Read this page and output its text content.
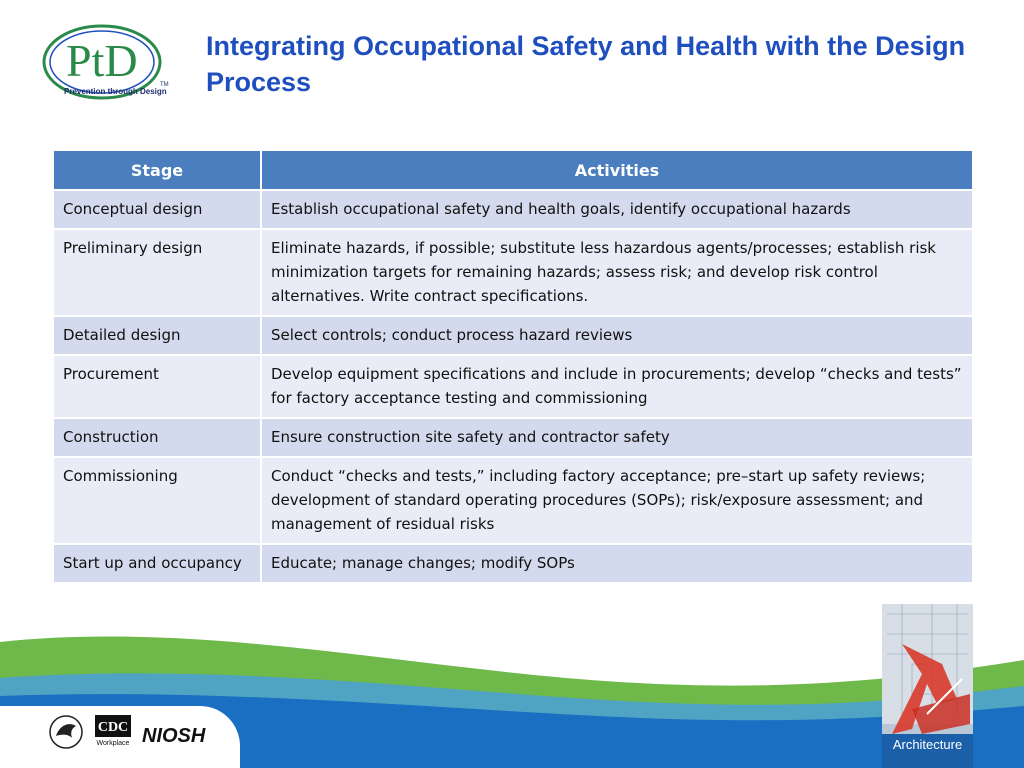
PtD
Prevention through Design
TM
Integrating Occupational Safety and Health with the Design Process
Stage	Activities
Conceptual design	Establish occupational safety and health goals, identify occupational hazards
Preliminary design	Eliminate hazards, if possible; substitute less hazardous agents/processes; establish risk minimization targets for remaining hazards; assess risk; and develop risk control alternatives. Write contract specifications.
Detailed design	Select controls; conduct process hazard reviews
Procurement	Develop equipment specifications and include in procurements; develop “checks and tests” for factory acceptance testing and commissioning
Construction	Ensure construction site safety and contractor safety
Commissioning	Conduct “checks and tests,” including factory acceptance; pre–start up safety reviews; development of standard operating procedures (SOPs); risk/exposure assessment; and management of residual risks
Start up and occupancy	Educate; manage changes; modify SOPs
CDC
Workplace NIOSH	Architecture
